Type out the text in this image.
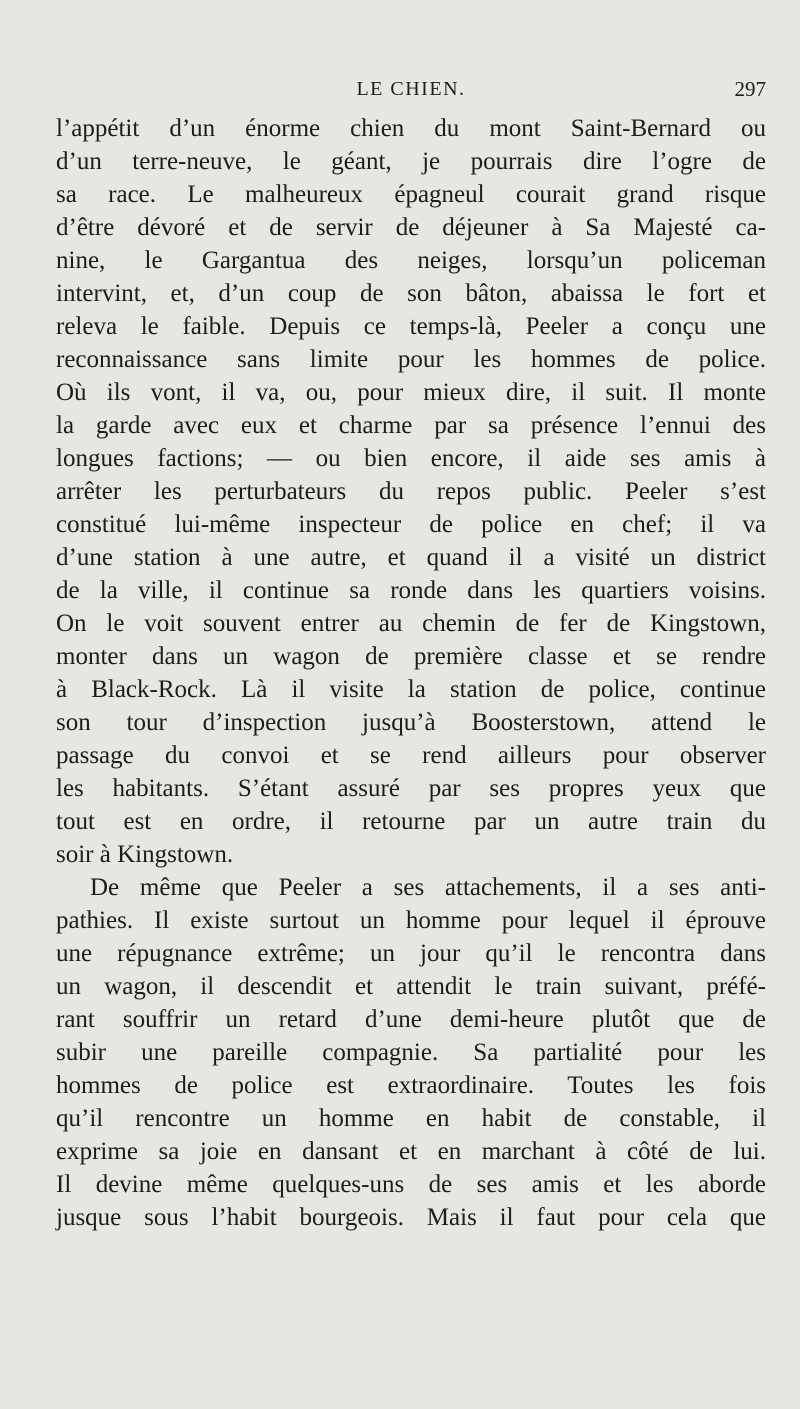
LE CHIEN.	297
l’appétit d’un énorme chien du mont Saint-Bernard ou
d’un terre-neuve, le géant, je pourrais dire l’ogre de
sa race. Le malheureux épagneul courait grand risque
d’être dévoré et de servir de déjeuner à Sa Majesté ca-
nine, le Gargantua des neiges, lorsqu’un policeman
intervint, et, d’un coup de son bâton, abaissa le fort et
releva le faible. Depuis ce temps-là, Peeler a conçu une
reconnaissance sans limite pour les hommes de police.
Où ils vont, il va, ou, pour mieux dire, il suit. Il monte
la garde avec eux et charme par sa présence l’ennui des
longues factions; — ou bien encore, il aide ses amis à
arrêter les perturbateurs du repos public. Peeler s’est
constitué lui-même inspecteur de police en chef; il va
d’une station à une autre, et quand il a visité un district
de la ville, il continue sa ronde dans les quartiers voisins.
On le voit souvent entrer au chemin de fer de Kingstown,
monter dans un wagon de première classe et se rendre
à Black-Rock. Là il visite la station de police, continue
son tour d’inspection jusqu’à Boosterstown, attend le
passage du convoi et se rend ailleurs pour observer
les habitants. S’étant assuré par ses propres yeux que
tout est en ordre, il retourne par un autre train du
soir à Kingstown.
De même que Peeler a ses attachements, il a ses anti-
pathies. Il existe surtout un homme pour lequel il éprouve
une répugnance extrême; un jour qu’il le rencontra dans
un wagon, il descendit et attendit le train suivant, préfé-
rant souffrir un retard d’une demi-heure plutôt que de
subir une pareille compagnie. Sa partialité pour les
hommes de police est extraordinaire. Toutes les fois
qu’il rencontre un homme en habit de constable, il
exprime sa joie en dansant et en marchant à côté de lui.
Il devine même quelques-uns de ses amis et les aborde
jusque sous l’habit bourgeois. Mais il faut pour cela que
